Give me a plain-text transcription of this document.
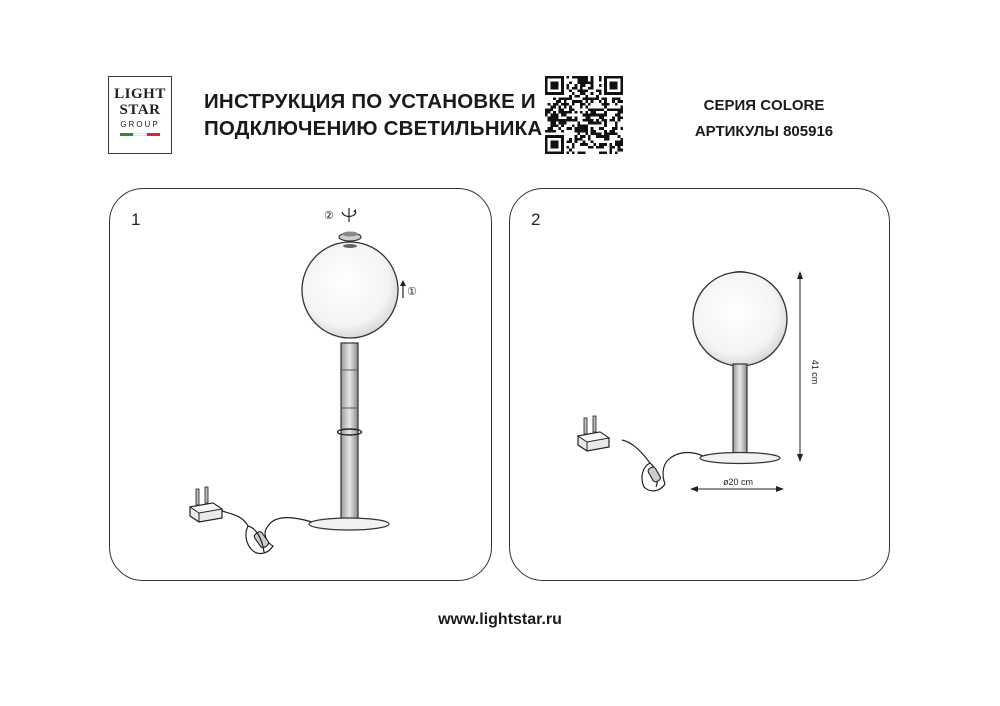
LIGHT
STAR
GROUP
ИНСТРУКЦИЯ ПО УСТАНОВКЕ И
ПОДКЛЮЧЕНИЮ СВЕТИЛЬНИКА
СЕРИЯ COLORE
АРТИКУЛЫ 805916
1	2
②
①
41 cm
ø20 cm
www.lightstar.ru
